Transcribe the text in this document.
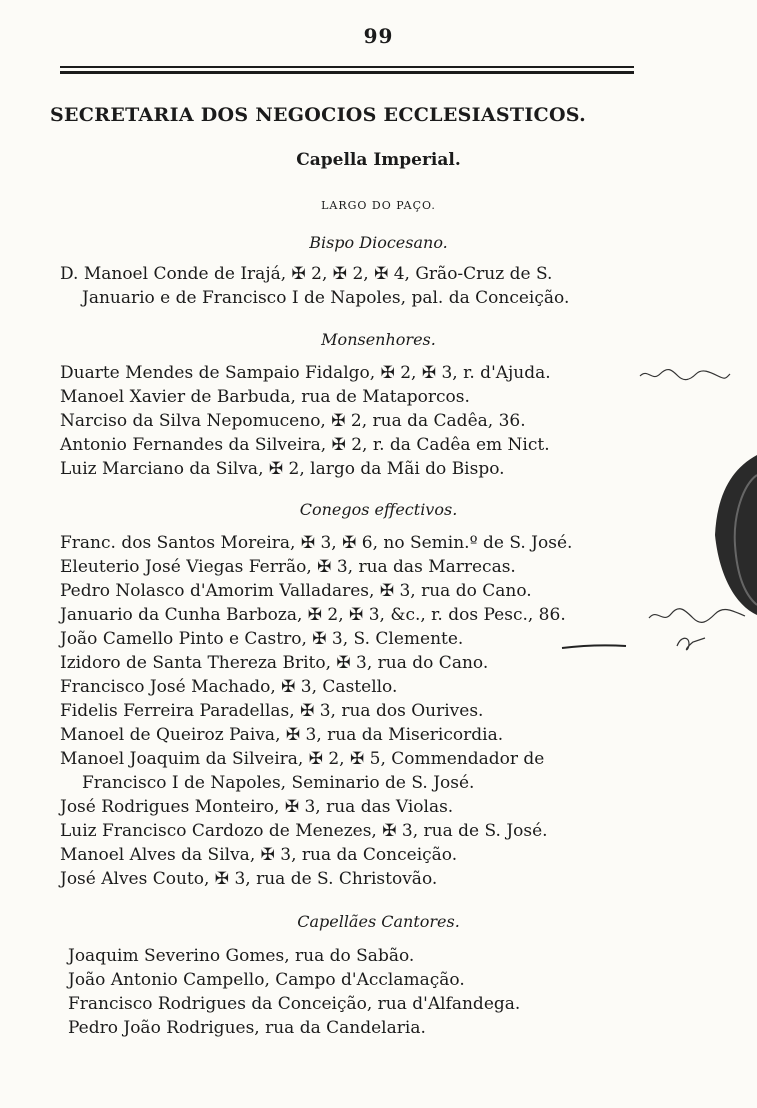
99
SECRETARIA DOS NEGOCIOS ECCLESIASTICOS.
Capella Imperial.
LARGO DO PAÇO.
Bispo Diocesano.
D. Manoel Conde de Irajá, ✠ 2, ✠ 2, ✠ 4, Grão-Cruz de S.
Januario e de Francisco I de Napoles, pal. da Conceição.
Monsenhores.
Duarte Mendes de Sampaio Fidalgo, ✠ 2, ✠ 3, r. d'Ajuda.
Manoel Xavier de Barbuda, rua de Mataporcos.
Narciso da Silva Nepomuceno, ✠ 2, rua da Cadêa, 36.
Antonio Fernandes da Silveira, ✠ 2, r. da Cadêa em Nict.
Luiz Marciano da Silva, ✠ 2, largo da Mãi do Bispo.
Conegos effectivos.
Franc. dos Santos Moreira, ✠ 3, ✠ 6, no Semin.º de S. José.
Eleuterio José Viegas Ferrão, ✠ 3, rua das Marrecas.
Pedro Nolasco d'Amorim Valladares, ✠ 3, rua do Cano.
Januario da Cunha Barboza, ✠ 2, ✠ 3, &c., r. dos Pesc., 86.
João Camello Pinto e Castro, ✠ 3, S. Clemente.
Izidoro de Santa Thereza Brito, ✠ 3, rua do Cano.
Francisco José Machado, ✠ 3, Castello.
Fidelis Ferreira Paradellas, ✠ 3, rua dos Ourives.
Manoel de Queiroz Paiva, ✠ 3, rua da Misericordia.
Manoel Joaquim da Silveira, ✠ 2, ✠ 5, Commendador de
Francisco I de Napoles, Seminario de S. José.
José Rodrigues Monteiro, ✠ 3, rua das Violas.
Luiz Francisco Cardozo de Menezes, ✠ 3, rua de S. José.
Manoel Alves da Silva, ✠ 3, rua da Conceição.
José Alves Couto, ✠ 3, rua de S. Christovão.
Capellães Cantores.
Joaquim Severino Gomes, rua do Sabão.
João Antonio Campello, Campo d'Acclamação.
Francisco Rodrigues da Conceição, rua d'Alfandega.
Pedro João Rodrigues, rua da Candelaria.
